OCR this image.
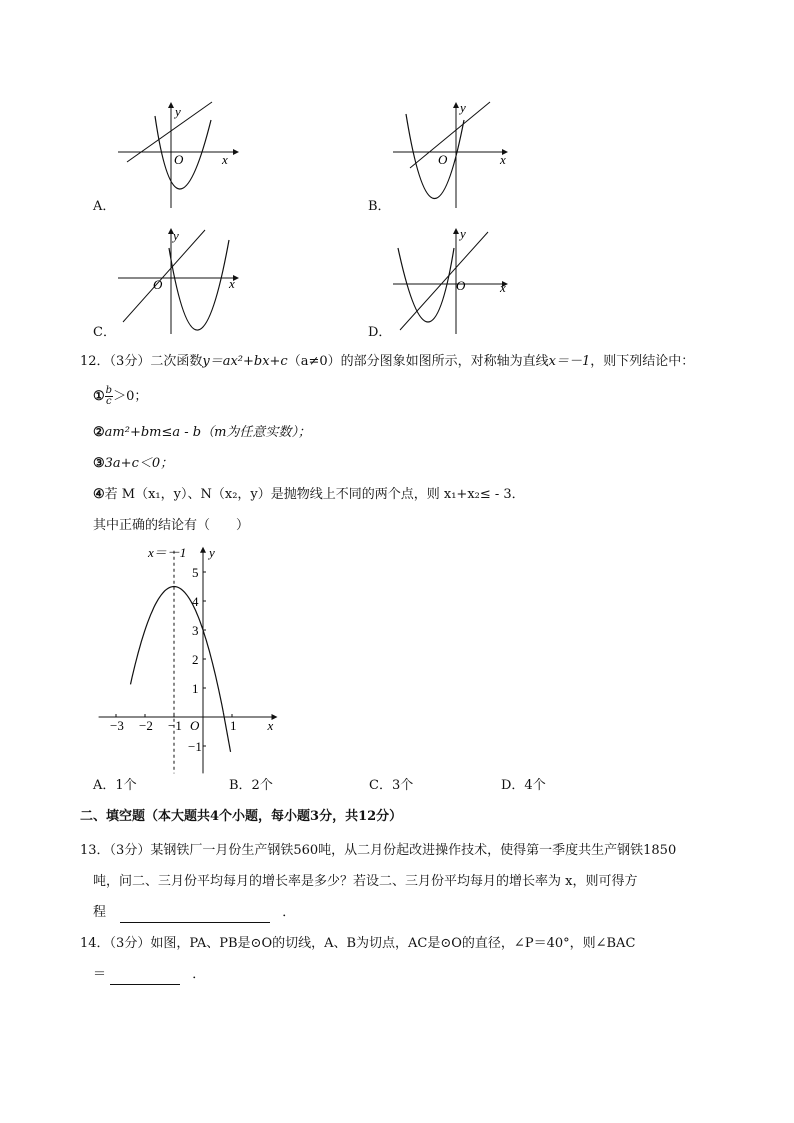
y
x
O
A．
y
x
O
B．
y
x
O
C．
y
x
O
D．
12．（3分）二次函数y＝ax²+bx+c（a≠0）的部分图象如图所示，对称轴为直线x＝－1，则下列结论中：
① $\frac{b}{c} >0$；
②am²+bm≤a - b（m为任意实数）；
③3a+c＜0；
④若 M（x₁，y）、N（x₂，y）是抛物线上不同的两个点，则 x₁+x₂≤ - 3．
其中正确的结论有（　　）
−3 −2 −1	1
5
4
3
2
1
−1
x
y
O
x＝－1
A．1个	B．2个	C．3个	D．4个
二、填空题（本大题共4个小题，每小题3分，共12分）
13．（3分）某钢铁厂一月份生产钢铁560吨，从二月份起改进操作技术，使得第一季度共生产钢铁1850
吨，问二、三月份平均每月的增长率是多少？若设二、三月份平均每月的增长率为 x，则可得方
程	．
14．（3分）如图，PA、PB是⊙O的切线，A、B为切点，AC是⊙O的直径，∠P＝40°，则∠BAC
＝	．
